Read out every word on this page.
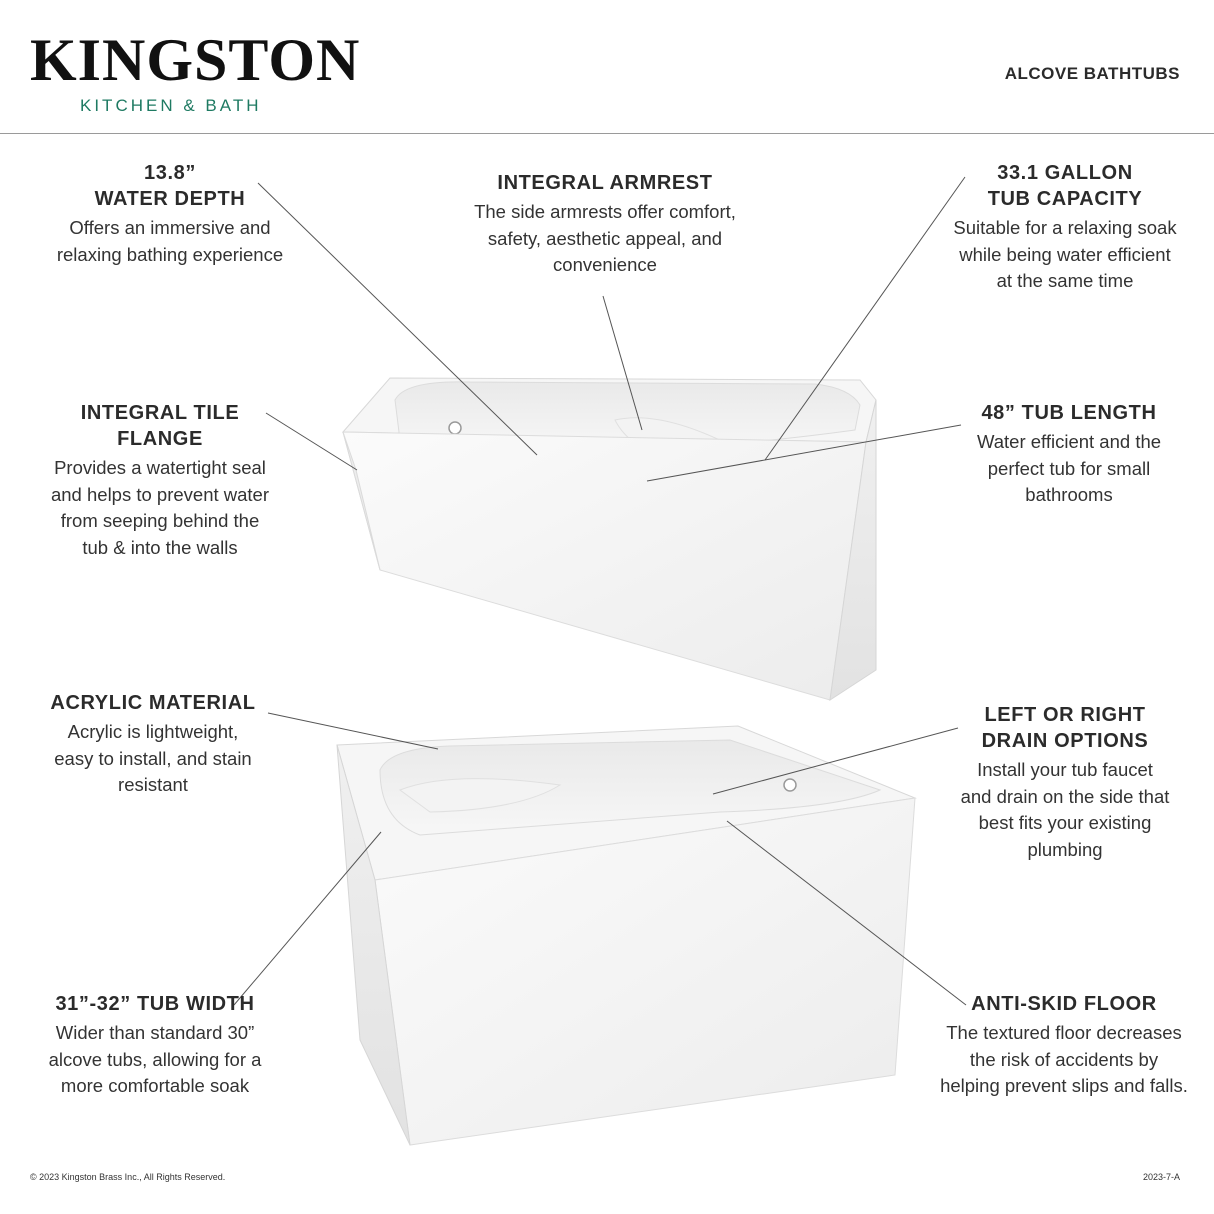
KINGSTON
KITCHEN & BATH
ALCOVE BATHTUBS
13.8”
WATER DEPTH
Offers an immersive and
relaxing bathing experience
INTEGRAL ARMREST
The side armrests offer comfort,
safety, aesthetic appeal, and
convenience
33.1 GALLON
TUB CAPACITY
Suitable for a relaxing soak
while being water efficient
at the same time
INTEGRAL TILE
FLANGE
Provides a watertight seal
and helps to prevent water
from seeping behind the
tub & into the walls
48” TUB LENGTH
Water efficient and the
perfect tub for small
bathrooms
ACRYLIC MATERIAL
Acrylic is lightweight,
easy to install, and stain
resistant
LEFT OR RIGHT
DRAIN OPTIONS
Install your tub faucet
and drain on the side that
best fits your existing
plumbing
31”-32” TUB WIDTH
Wider than standard 30”
alcove tubs, allowing for a
more comfortable soak
ANTI-SKID FLOOR
The textured floor decreases
the risk of accidents by
helping prevent slips and falls.
© 2023 Kingston Brass Inc., All Rights Reserved.	2023-7-A
